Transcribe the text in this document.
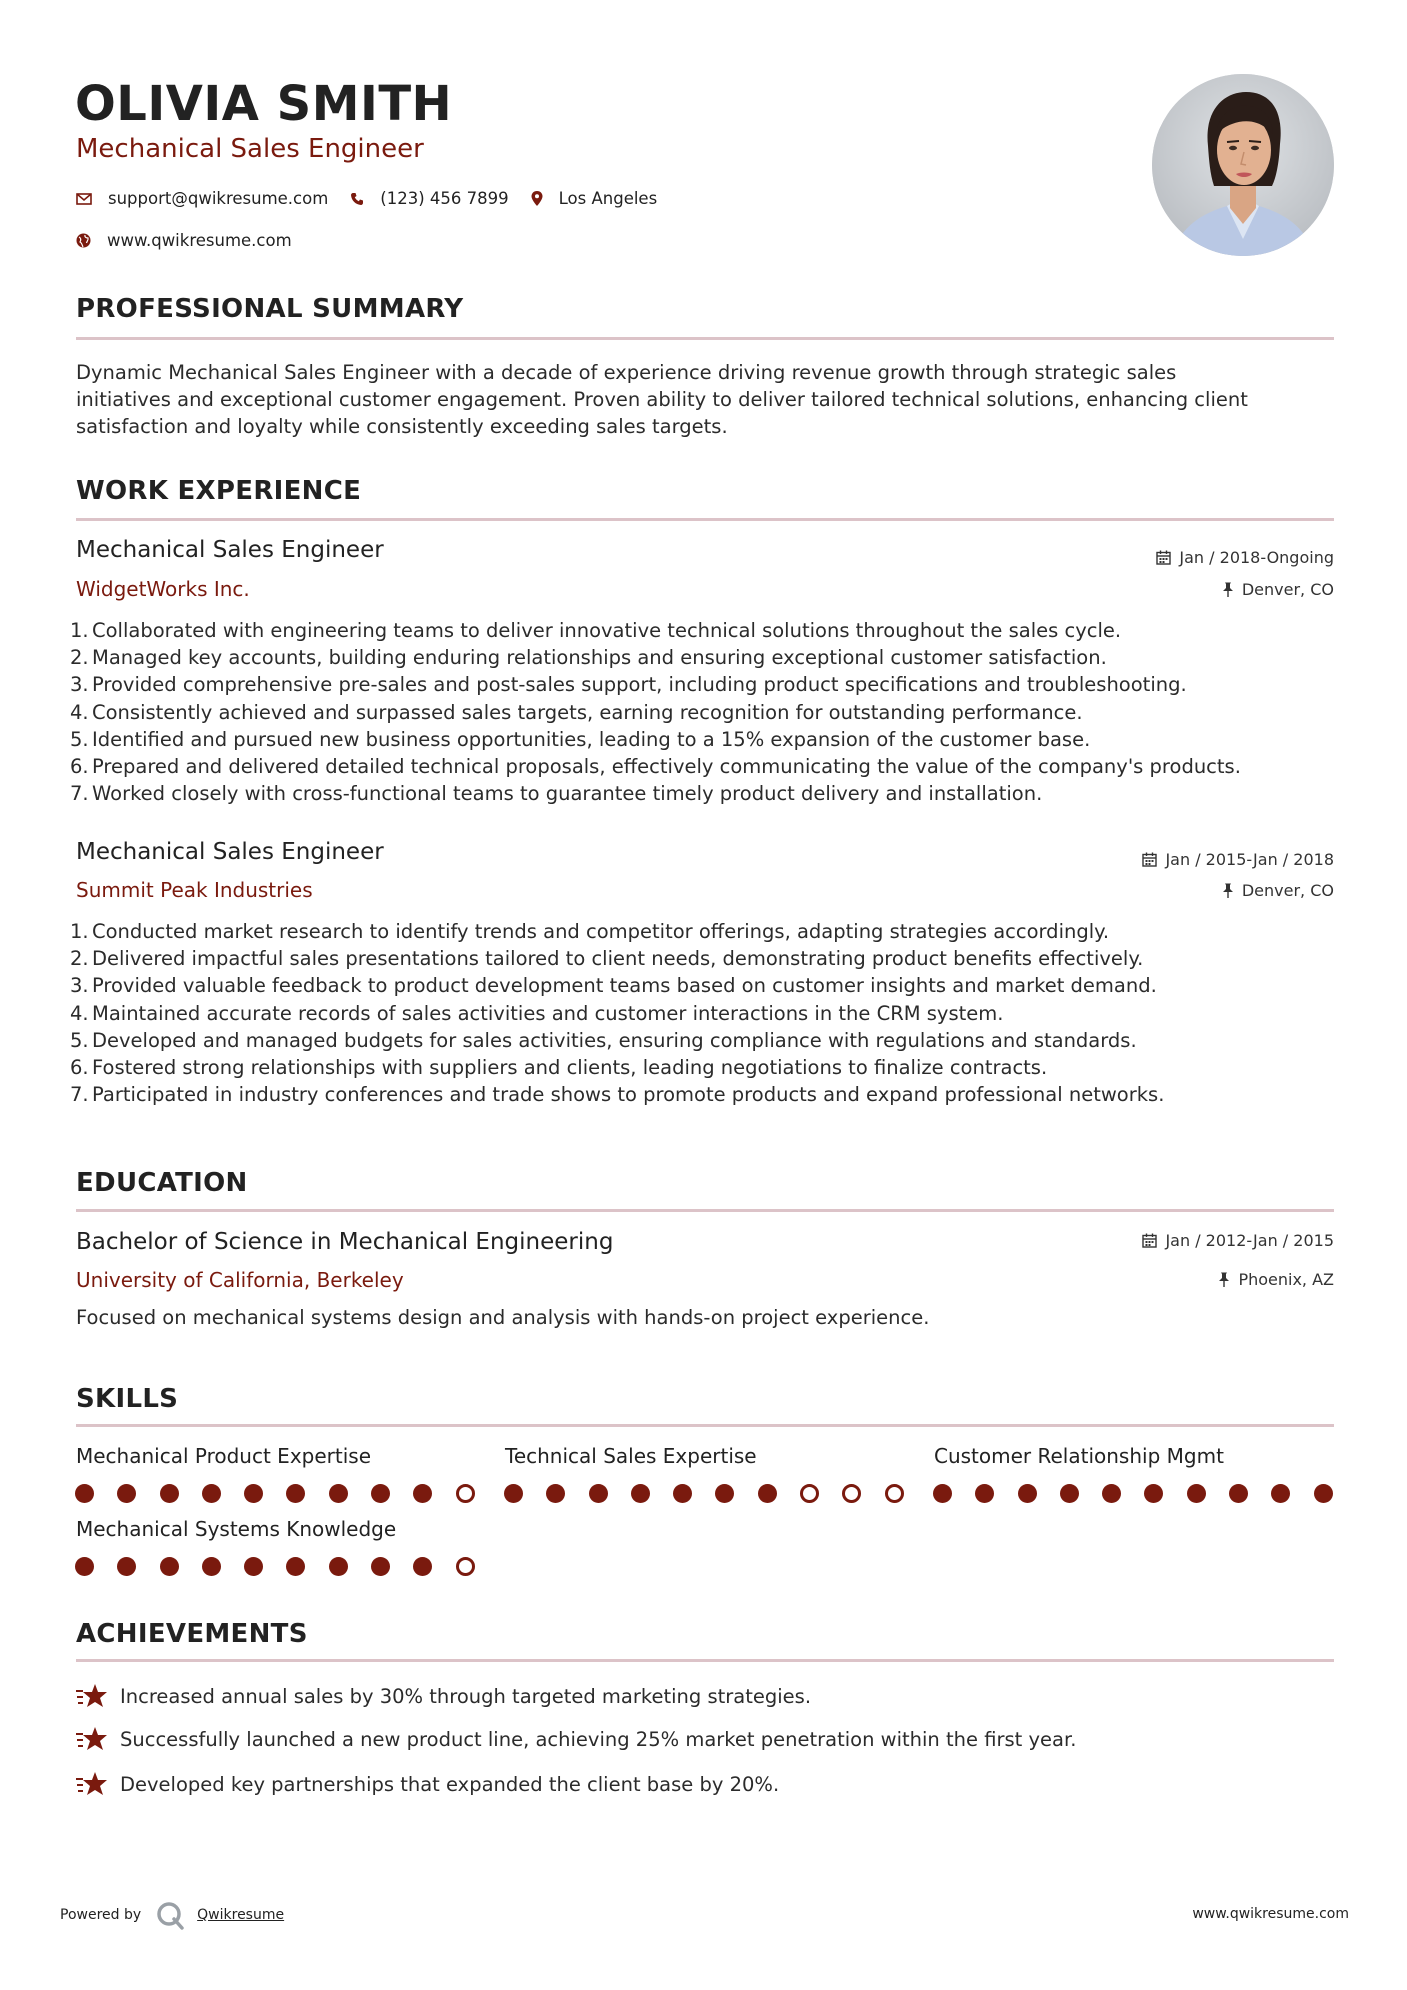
OLIVIA SMITH
Mechanical Sales Engineer
support@qwikresume.com	(123) 456 7899	Los Angeles
www.qwikresume.com
PROFESSIONAL SUMMARY
Dynamic Mechanical Sales Engineer with a decade of experience driving revenue growth through strategic sales
initiatives and exceptional customer engagement. Proven ability to deliver tailored technical solutions, enhancing client
satisfaction and loyalty while consistently exceeding sales targets.
WORK EXPERIENCE
Mechanical Sales Engineer
WidgetWorks Inc.
Jan / 2018-Ongoing
Denver, CO
Collaborated with engineering teams to deliver innovative technical solutions throughout the sales cycle.
Managed key accounts, building enduring relationships and ensuring exceptional customer satisfaction.
Provided comprehensive pre-sales and post-sales support, including product specifications and troubleshooting.
Consistently achieved and surpassed sales targets, earning recognition for outstanding performance.
Identified and pursued new business opportunities, leading to a 15% expansion of the customer base.
Prepared and delivered detailed technical proposals, effectively communicating the value of the company's products.
Worked closely with cross-functional teams to guarantee timely product delivery and installation.
Mechanical Sales Engineer
Summit Peak Industries
Jan / 2015-Jan / 2018
Denver, CO
Conducted market research to identify trends and competitor offerings, adapting strategies accordingly.
Delivered impactful sales presentations tailored to client needs, demonstrating product benefits effectively.
Provided valuable feedback to product development teams based on customer insights and market demand.
Maintained accurate records of sales activities and customer interactions in the CRM system.
Developed and managed budgets for sales activities, ensuring compliance with regulations and standards.
Fostered strong relationships with suppliers and clients, leading negotiations to finalize contracts.
Participated in industry conferences and trade shows to promote products and expand professional networks.
EDUCATION
Bachelor of Science in Mechanical Engineering
University of California, Berkeley
Jan / 2012-Jan / 2015
Phoenix, AZ
Focused on mechanical systems design and analysis with hands-on project experience.
SKILLS
Mechanical Product Expertise	Technical Sales Expertise	Customer Relationship Mgmt
Mechanical Systems Knowledge
ACHIEVEMENTS
Increased annual sales by 30% through targeted marketing strategies.
Successfully launched a new product line, achieving 25% market penetration within the first year.
Developed key partnerships that expanded the client base by 20%.
Powered by	Qwikresume	www.qwikresume.com
